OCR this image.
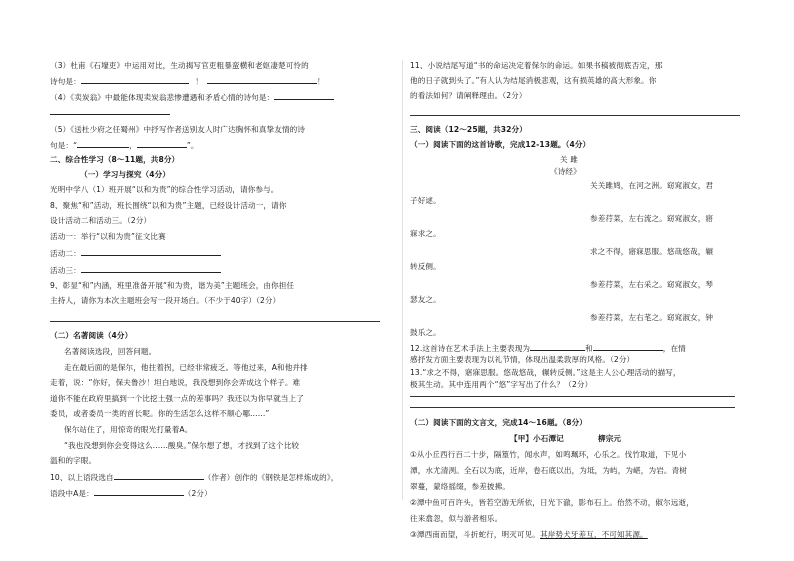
（3）杜甫《石壕吏》中运用对比，生动揭写官吏粗暴蛮横和老妪凄楚可怜的
诗句是：	！	！
（4）《卖炭翁》中最能体现卖炭翁悲惨遭遇和矛盾心情的诗句是：
（5）《送杜少府之任蜀州》中抒写作者送别友人时广达胸怀和真挚友情的诗
句是：“	，	”。
二、综合性学习（8～11题，共8分）
（一）学习与探究（4分）
光明中学八（1）班开展“以和为贵”的综合性学习活动，请你参与。
8、聚焦“和”活动，班长围绕“以和为贵”主题，已经设计活动一，请你
设计活动二和活动三。（2分）
活动一：举行“以和为贵”征文比赛
活动二：
活动三：
9、彰显“和”内涵，班里准备开展“和为贵，谐为美”主题班会，由你担任
主持人，请你为本次主题班会写一段开场白。（不少于40字）（2分）
（二）名著阅读（4分）
名著阅读选段，回答问题。
走在最后面的是保尔，他拄着拐，已经非常疲乏。等他过来，A和他并排
走着，说：“你好，保夫鲁沙！坦白地说，我没想到你会弄成这个样子。难
道你不能在政府里搞到一个比挖土强一点的差事吗？我还以为你早就当上了
委员，或者委员一类的首长呢。你的生活怎么这样不顺心哪……”
保尔站住了，用惊奇的眼光打量着A。
“我也没想到你会变得这么……酸臭。”保尔想了想，才找到了这个比较
温和的字眼。
10、以上语段选自	（作者）创作的《钢铁是怎样炼成的》，
语段中A是：	（2分）
11、小说结尾写道“书的命运决定着保尔的命运。如果书稿被彻底否定，那
他的日子就到头了。”有人认为结尾消极悲观，这有损英雄的高大形象。你
的看法如何？请阐释理由。（2分）
三、阅读（12～25题，共32分）
（一）阅读下面的这首诗歌，完成12-13题。（4分）
关 雎
《诗经》
关关雎鸠，在河之洲。窈窕淑女，君
子好逑。
参差荇菜，左右流之。窈窕淑女，寤
寐求之。
求之不得，寤寐思服。悠哉悠哉，辗
转反侧。
参差荇菜，左右采之。窈窕淑女，琴
瑟友之。
参差荇菜，左右芼之。窈窕淑女，钟
鼓乐之。
12.这首诗在艺术手法上主要表现为	和	，在情
感抒发方面主要表现为以礼节情，体现出温柔敦厚的风格。（2分）
13.“求之不得，寤寐思服。悠哉悠哉，辗转反侧。”这是主人公心理活动的描写，
极其生动。其中连用两个“悠”字写出了什么？（2分）
（二）阅读下面的文言文，完成14～16题。（8分）
【甲】小石潭记	柳宗元
①从小丘西行百二十步，隔篁竹，闻水声，如鸣珮环，心乐之。伐竹取道，下见小
潭，水尤清洌。全石以为底，近岸，卷石底以出，为坻，为屿，为嵁，为岩。青树
翠蔓，蒙络摇缀，参差披拂。
②潭中鱼可百许头，皆若空游无所依，日光下澈，影布石上。佁然不动，俶尔远逝，
往来翕忽，似与游者相乐。
③潭西南而望，斗折蛇行，明灭可见。其岸势犬牙差互，不可知其源。
